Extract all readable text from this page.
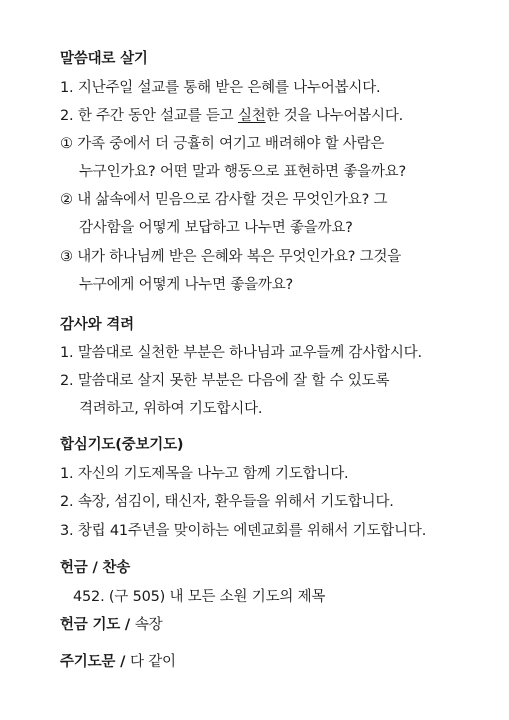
말씀대로 살기
1. 지난주일 설교를 통해 받은 은혜를 나누어봅시다.
2. 한 주간 동안 설교를 듣고 실천한 것을 나누어봅시다.
① 가족 중에서 더 긍휼히 여기고 배려해야 할 사람은
누구인가요? 어떤 말과 행동으로 표현하면 좋을까요?
② 내 삶속에서 믿음으로 감사할 것은 무엇인가요? 그
감사함을 어떻게 보답하고 나누면 좋을까요?
③ 내가 하나님께 받은 은혜와 복은 무엇인가요? 그것을
누구에게 어떻게 나누면 좋을까요?
감사와 격려
1. 말씀대로 실천한 부분은 하나님과 교우들께 감사합시다.
2. 말씀대로 살지 못한 부분은 다음에 잘 할 수 있도록
격려하고, 위하여 기도합시다.
합심기도(중보기도)
1. 자신의 기도제목을 나누고 함께 기도합니다.
2. 속장, 섬김이, 태신자, 환우들을 위해서 기도합니다.
3. 창립 41주년을 맞이하는 에덴교회를 위해서 기도합니다.
헌금 / 찬송
452. (구 505) 내 모든 소원 기도의 제목
헌금 기도 / 속장
주기도문 / 다 같이
